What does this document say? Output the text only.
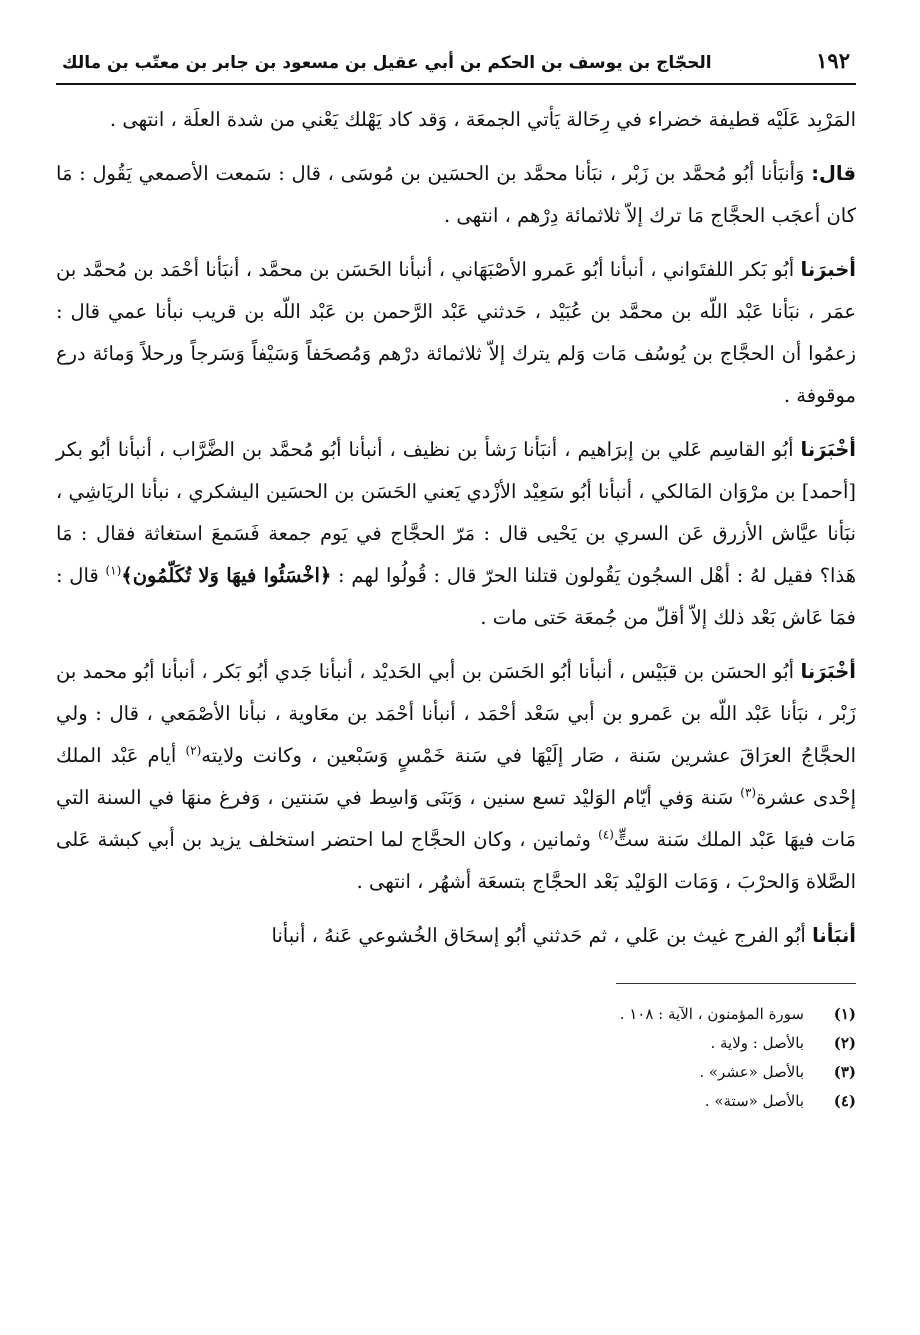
١٩٢
الحجّاج بن يوسف بن الحكم بن أبي عقيل بن مسعود بن جابر بن معتّب بن مالك

المَرْبِد عَلَيْه قطيفة خضراء في رِحَالة يَأتي الجمعَة ، وَقد كاد يَهْلك يَعْني من شدة العلَة ، انتهى .

قال: وَأنبَأنا أبُو مُحمَّد بن زَبْر ، نبَأنا محمَّد بن الحسَين بن مُوسَى ، قال : سَمعت الأصمعي يَقُول : مَا كان أعجَب الحجَّاج مَا ترك إلاّ ثلاثمائة دِرْهم ، انتهى .

أخبرَنا أبُو بَكر اللفتَواني ، أنبأنا أبُو عَمرو الأصْبَهَاني ، أنبأنا الحَسَن بن محمَّد ، أنبَأنا أحْمَد بن مُحمَّد بن عمَر ، نبَأنا عَبْد اللّه بن محمَّد بن عُبَيْد ، حَدثني عَبْد الرَّحمن بن عَبْد اللّه بن قريب نبأنا عمي قال : زعمُوا أن الحجَّاج بن يُوسُف مَات وَلم يترك إلاّ ثلاثمائة درْهم وَمُصحَفاً وَسَيْفاً وَسَرجاً ورحلاً وَمائة درع موقوفة .

أخْبَرَنا أبُو القاسِم عَلي بن إبرَاهيم ، أنبَأنا رَشأ بن نظيف ، أنبأنا أبُو مُحمَّد بن الضَّرَّاب ، أنبأنا أبُو بكر [أحمد] بن مرْوَان المَالكي ، أنبأنا أبُو سَعِيْد الأزْدي يَعني الحَسَن بن الحسَين اليشكري ، نبأنا الريَاشِي ، نبَأنا عيَّاش الأزرق عَن السري بن يَحْيى قال : مَرّ الحجَّاج في يَوم جمعة فَسَمعَ استغاثة فقال : مَا هَذا؟ فقيل لهُ : أهْل السجُون يَقُولون قتلنا الحرّ قال : قُولُوا لهم : ﴿اخْسَئُوا فيهَا وَلا تُكَلّمُون﴾$^{(١)}$ قال : فمَا عَاش بَعْد ذلك إلاّ أقلّ من جُمعَة حَتى مات .

أخْبَرَنا أبُو الحسَن بن قبَيْس ، أنبأنا أبُو الحَسَن بن أبي الحَديْد ، أنبأنا جَدي أبُو بَكر ، أنبأنا أبُو محمد بن زَبْر ، نبَأنا عَبْد اللّه بن عَمرو بن أبي سَعْد أحْمَد ، أنبأنا أحْمَد بن معَاوية ، نبأنا الأصْمَعي ، قال : ولي الحجَّاجُ العرَاقَ عشرين سَنة ، صَار إلَيْهَا في سَنة خَمْسٍ وَسَبْعين ، وكانت ولايته$^{(٢)}$ أيام عَبْد الملك إحْدى عشرة$^{(٣)}$ سَنة وَفي أيّام الوَليْد تسع سنين ، وَبَنَى وَاسِط في سَنتين ، وَفرغ منهَا في السنة التي مَات فيهَا عَبْد الملك سَنة ستٍّ$^{(٤)}$ وثمانين ، وكان الحجَّاج لما احتضر استخلف يزيد بن أبي كبشة عَلى الصَّلاة وَالحرْبَ ، وَمَات الوَليْد بَعْد الحجَّاج بتسعَة أشهُر ، انتهى .

أنبَأنا أبُو الفرج غيث بن عَلي ، ثم حَدثني أبُو إسحَاق الخُشوعي عَنهُ ، أنبأنا

(١)
سورة المؤمنون ، الآية : ١٠٨ .
(٢)
بالأصل : ولاية .
(٣)
بالأصل «عشر» .
(٤)
بالأصل «ستة» .
